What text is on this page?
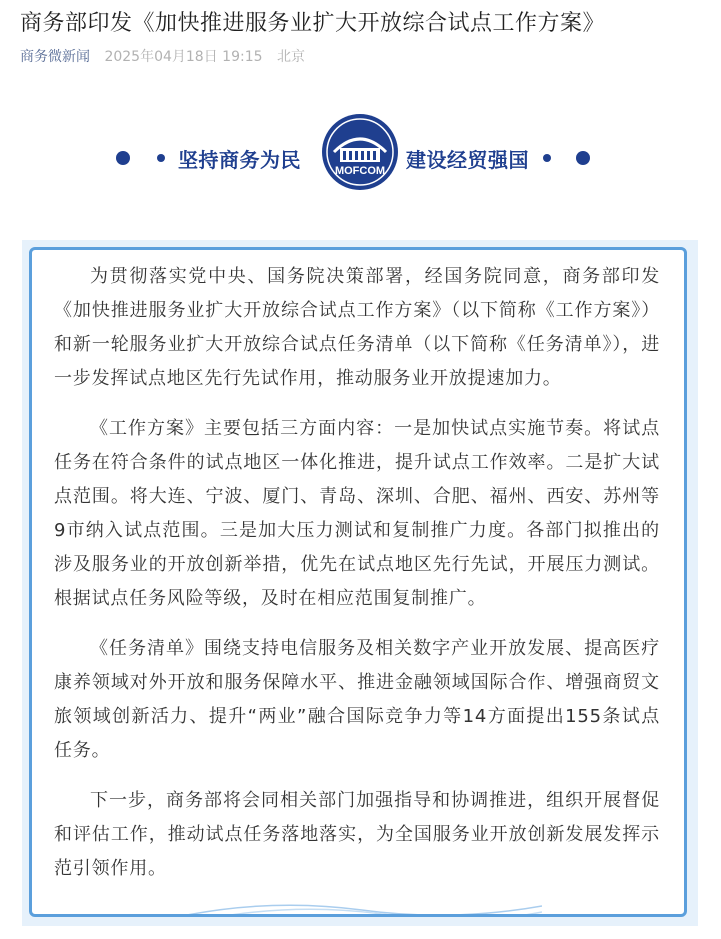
商务部印发《加快推进服务业扩大开放综合试点工作方案》
商务微新闻 2025年04月18日 19:15 北京
坚持商务为民	MOFCOM 建设经贸强国

为贯彻落实党中央、国务院决策部署，经国务院同意，商务部印发《加快推进服务业扩大开放综合试点工作方案》（以下简称《工作方案》）和新一轮服务业扩大开放综合试点任务清单（以下简称《任务清单》），进一步发挥试点地区先行先试作用，推动服务业开放提速加力。

《工作方案》主要包括三方面内容：一是加快试点实施节奏。将试点任务在符合条件的试点地区一体化推进，提升试点工作效率。二是扩大试点范围。将大连、宁波、厦门、青岛、深圳、合肥、福州、西安、苏州等9市纳入试点范围。三是加大压力测试和复制推广力度。各部门拟推出的涉及服务业的开放创新举措，优先在试点地区先行先试，开展压力测试。根据试点任务风险等级，及时在相应范围复制推广。

《任务清单》围绕支持电信服务及相关数字产业开放发展、提高医疗康养领域对外开放和服务保障水平、推进金融领域国际合作、增强商贸文旅领域创新活力、提升“两业”融合国际竞争力等14方面提出155条试点任务。

下一步，商务部将会同相关部门加强指导和协调推进，组织开展督促和评估工作，推动试点任务落地落实，为全国服务业开放创新发展发挥示范引领作用。
